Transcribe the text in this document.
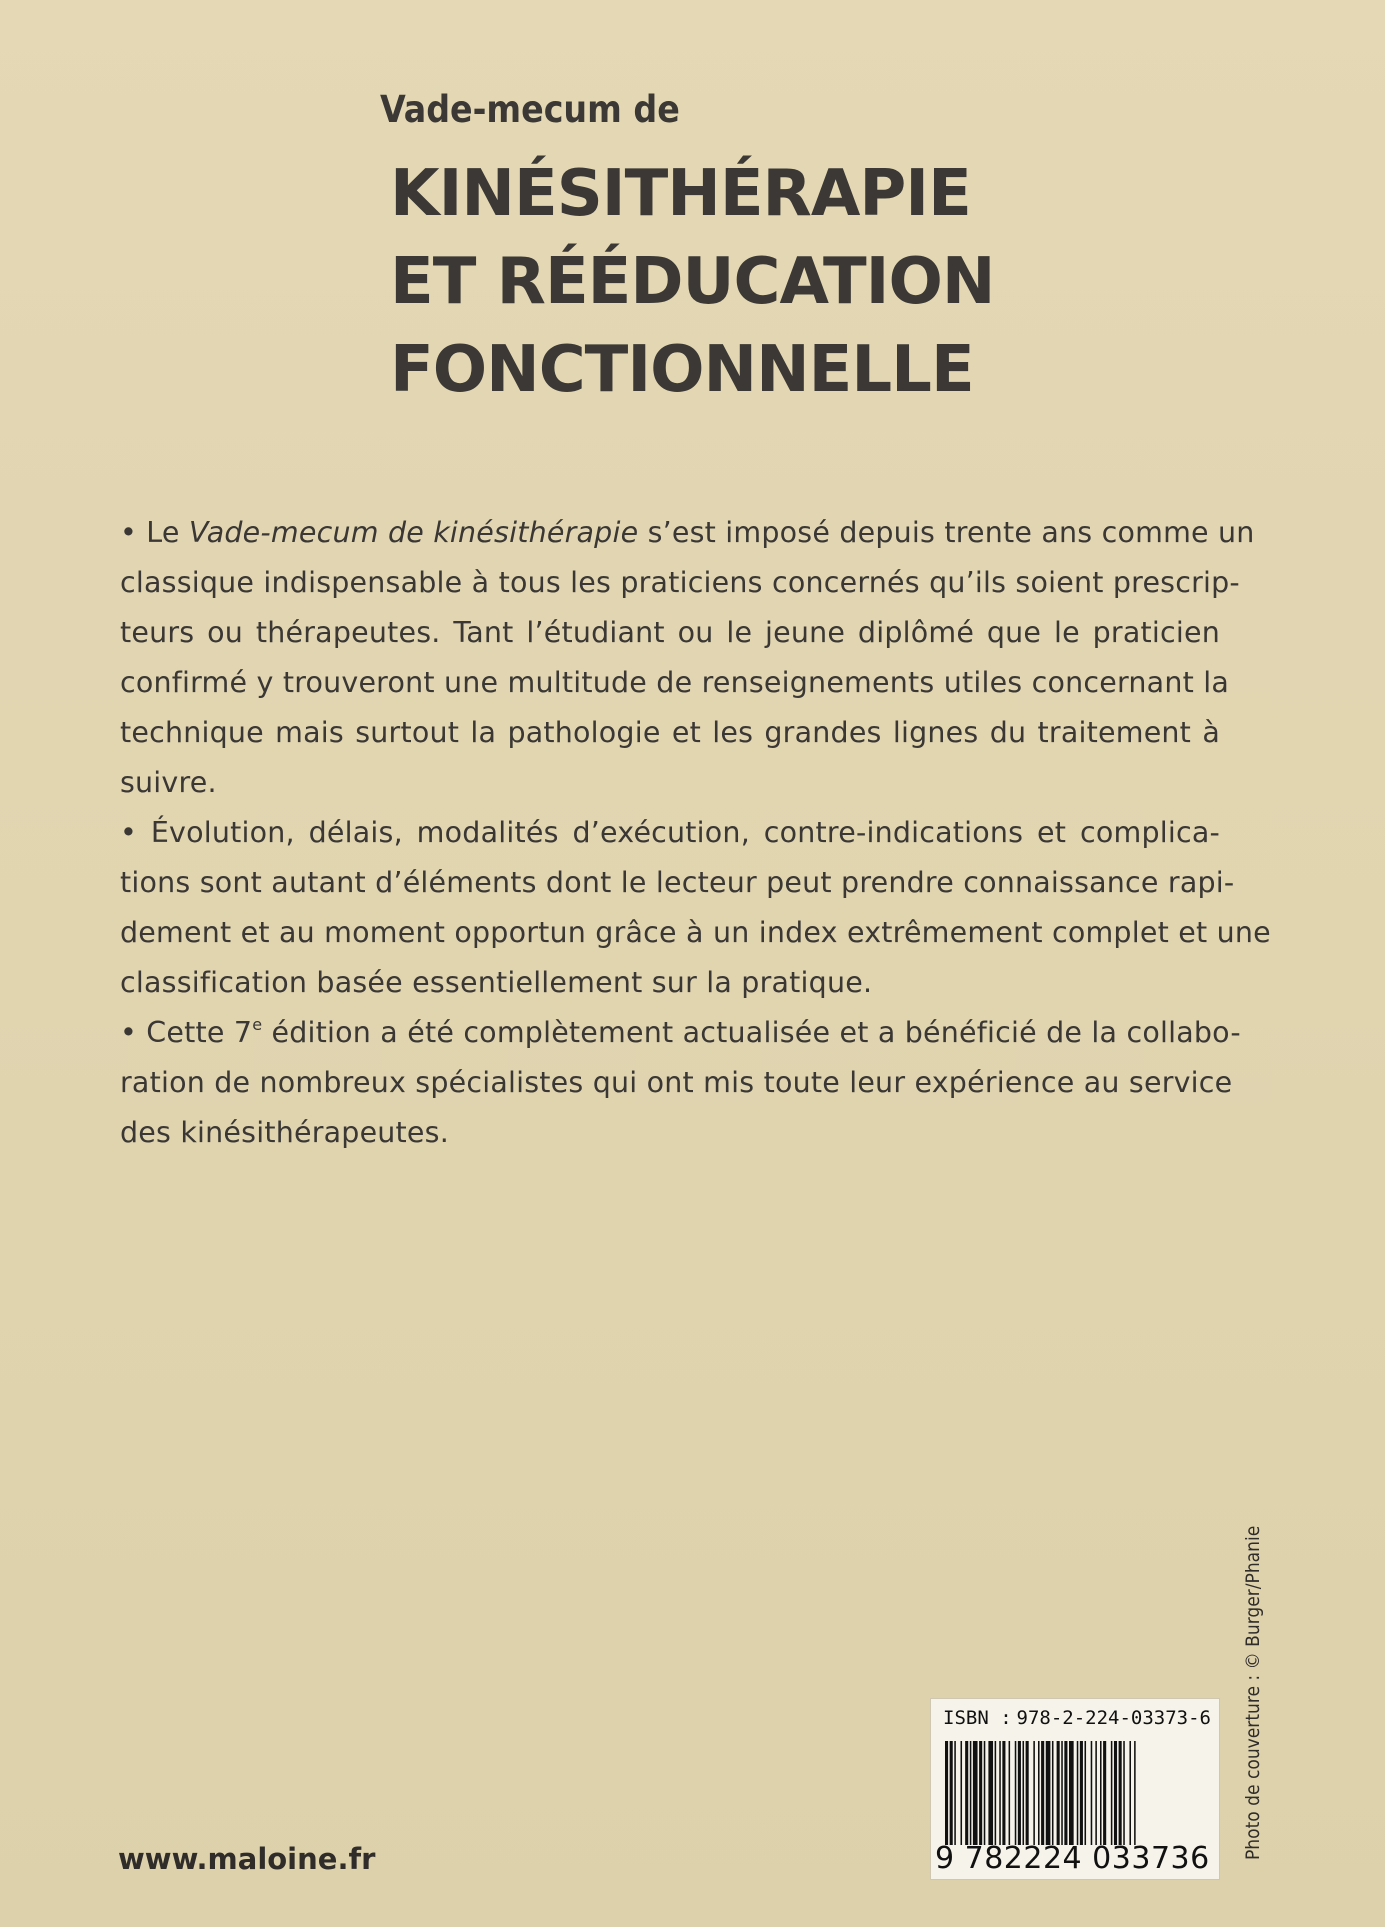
Vade-mecum de
KINÉSITHÉRAPIE
ET RÉÉDUCATION
FONCTIONNELLE
• Le Vade-mecum de kinésithérapie s’est imposé depuis trente ans comme un
classique indispensable à tous les praticiens concernés qu’ils soient prescrip-
teurs ou thérapeutes. Tant l’étudiant ou le jeune diplômé que le praticien
confirmé y trouveront une multitude de renseignements utiles concernant la
technique mais surtout la pathologie et les grandes lignes du traitement à
suivre.
• Évolution, délais, modalités d’exécution, contre-indications et complica-
tions sont autant d’éléments dont le lecteur peut prendre connaissance rapi-
dement et au moment opportun grâce à un index extrêmement complet et une
classification basée essentiellement sur la pratique.
• Cette 7e édition a été complètement actualisée et a bénéficié de la collabo-
ration de nombreux spécialistes qui ont mis toute leur expérience au service
des kinésithérapeutes.
www.maloine.fr
ISBN : 978-2-224-03373-6
9 782224 033736 Photo de couverture : © Burger/Phanie
